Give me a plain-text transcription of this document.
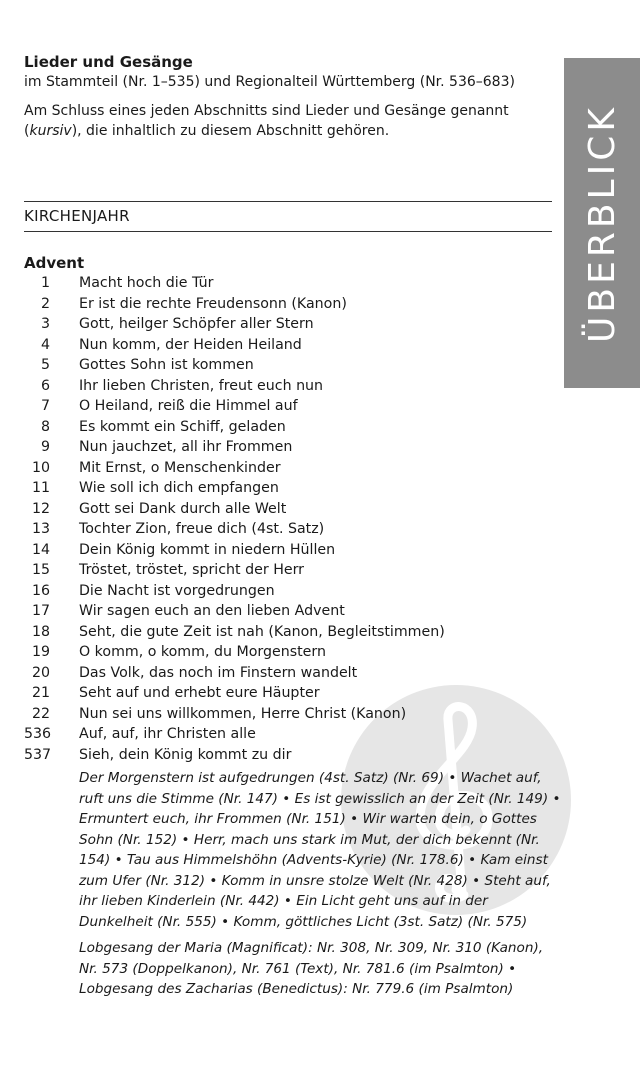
Lieder und Gesänge
im Stammteil (Nr. 1–535) und Regionalteil Württemberg (Nr. 536–683)
Am Schluss eines jeden Abschnitts sind Lieder und Gesänge genannt (kursiv), die inhaltlich zu diesem Abschnitt gehören.
KIRCHENJAHR	ÜBERBLICK
Advent
1 Macht hoch die Tür
2 Er ist die rechte Freudensonn (Kanon)
3 Gott, heilger Schöpfer aller Stern
4 Nun komm, der Heiden Heiland
5 Gottes Sohn ist kommen
6 Ihr lieben Christen, freut euch nun
7 O Heiland, reiß die Himmel auf
8 Es kommt ein Schiff, geladen
9 Nun jauchzet, all ihr Frommen
10 Mit Ernst, o Menschenkinder
11 Wie soll ich dich empfangen
12 Gott sei Dank durch alle Welt
13 Tochter Zion, freue dich (4st. Satz)
14 Dein König kommt in niedern Hüllen
15 Tröstet, tröstet, spricht der Herr
16 Die Nacht ist vorgedrungen
17 Wir sagen euch an den lieben Advent
18 Seht, die gute Zeit ist nah (Kanon, Begleitstimmen)
19 O komm, o komm, du Morgenstern
20 Das Volk, das noch im Finstern wandelt
21 Seht auf und erhebt eure Häupter
22 Nun sei uns willkommen, Herre Christ (Kanon)
536 Auf, auf, ihr Christen alle
537 Sieh, dein König kommt zu dir

Der Morgenstern ist aufgedrungen (4st. Satz) (Nr. 69) • Wachet auf, ruft uns die Stimme (Nr. 147) • Es ist gewisslich an der Zeit (Nr. 149) • Ermuntert euch, ihr Frommen (Nr. 151) • Wir warten dein, o Gottes Sohn (Nr. 152) • Herr, mach uns stark im Mut, der dich bekennt (Nr. 154) • Tau aus Himmelshöhn (Advents-Kyrie) (Nr. 178.6) • Kam einst zum Ufer (Nr. 312) • Komm in unsre stolze Welt (Nr. 428) • Steht auf, ihr lieben Kinderlein (Nr. 442) • Ein Licht geht uns auf in der Dunkelheit (Nr. 555) • Komm, göttliches Licht (3st. Satz) (Nr. 575)

Lobgesang der Maria (Magnificat): Nr. 308, Nr. 309, Nr. 310 (Kanon), Nr. 573 (Doppelkanon), Nr. 761 (Text), Nr. 781.6 (im Psalmton) • Lobgesang des Zacharias (Benedictus): Nr. 779.6 (im Psalmton)
